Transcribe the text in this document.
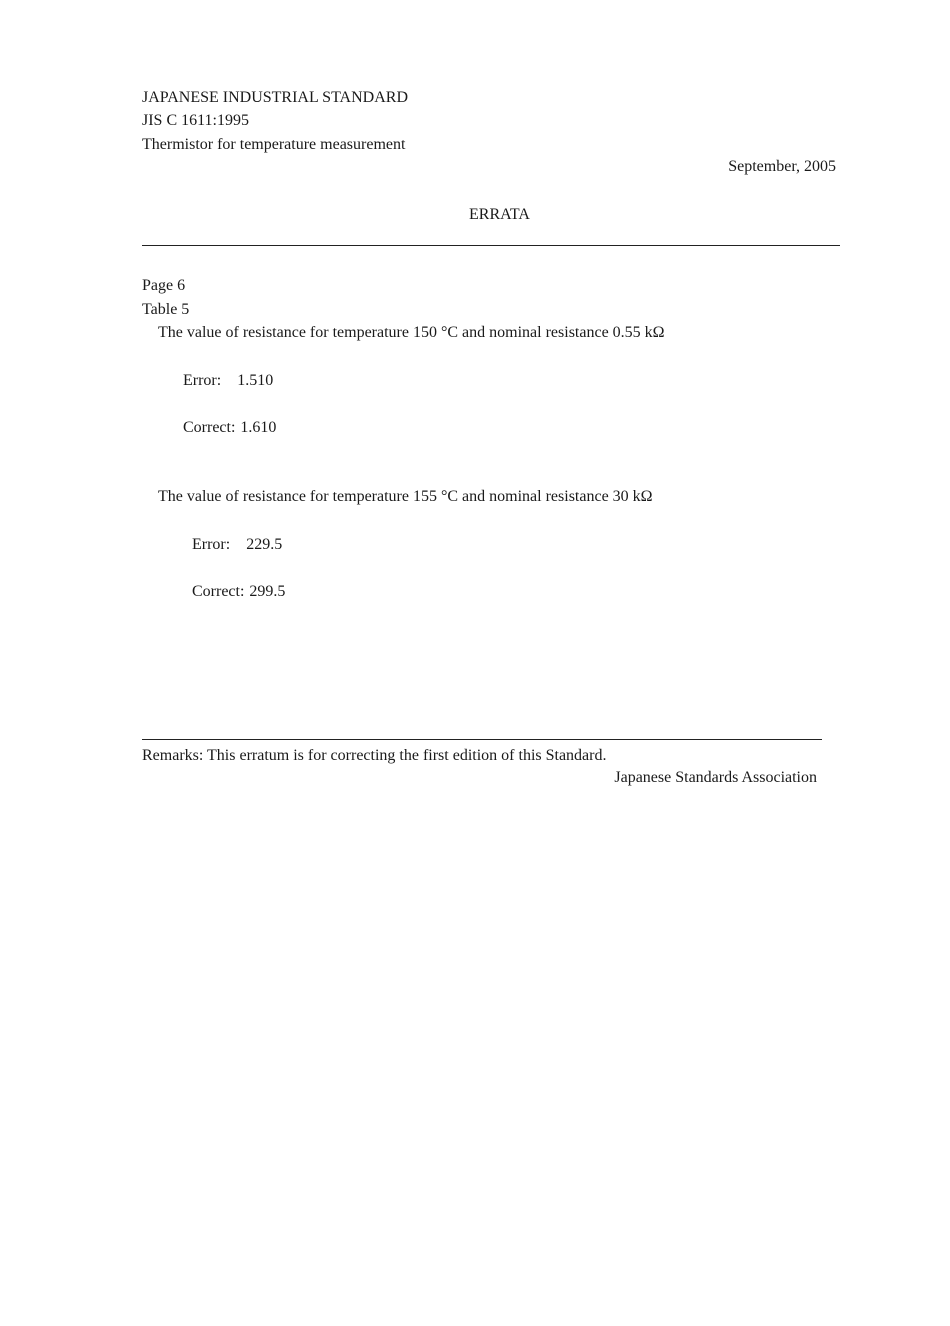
JAPANESE INDUSTRIAL STANDARD
JIS C 1611:1995
Thermistor for temperature measurement
September, 2005
ERRATA
Page 6
Table 5
The value of resistance for temperature 150 °C and nominal resistance 0.55 kΩ
Error: 1.510
Correct: 1.610
The value of resistance for temperature 155 °C and nominal resistance 30 kΩ
Error: 229.5
Correct: 299.5
Remarks: This erratum is for correcting the first edition of this Standard.
Japanese Standards Association
